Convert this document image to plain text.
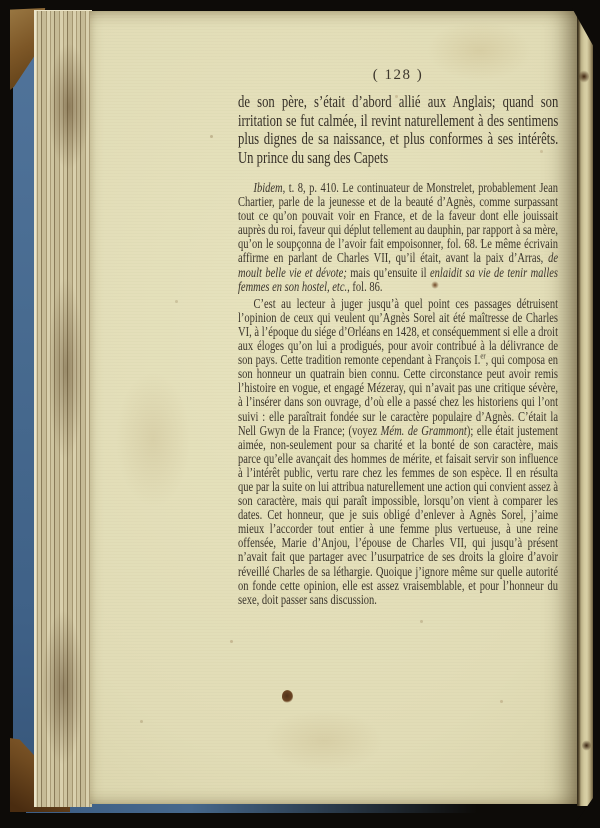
( 128 )
de son père, s’était d’abord allié aux Anglais; quand son irritation se fut calmée, il revint naturellement à des sentimens plus dignes de sa naissance, et plus conformes à ses intérêts. Un prince du sang des Capets

Ibidem, t. 8, p. 410. Le continuateur de Monstrelet, probablement Jean Chartier, parle de la jeunesse et de la beauté d’Agnès, comme surpassant tout ce qu’on pouvait voir en France, et de la faveur dont elle jouissait auprès du roi, faveur qui déplut tellement au dauphin, par rapport à sa mère, qu’on le soupçonna de l’avoir fait empoisonner, fol. 68. Le même écrivain affirme en parlant de Charles VII, qu’il était, avant la paix d’Arras, de moult belle vie et dévote; mais qu’ensuite il enlaidit sa vie de tenir malles femmes en son hostel, etc., fol. 86.

C’est au lecteur à juger jusqu’à quel point ces passages détruisent l’opinion de ceux qui veulent qu’Agnès Sorel ait été maîtresse de Charles VI, à l’époque du siége d’Orléans en 1428, et conséquemment si elle a droit aux éloges qu’on lui a prodigués, pour avoir contribué à la délivrance de son pays. Cette tradition remonte cependant à François I.$^{er}$, qui composa en son honneur un quatrain bien connu. Cette circonstance peut avoir remis l’histoire en vogue, et engagé Mézeray, qui n’avait pas une critique sévère, à l’insérer dans son ouvrage, d’où elle a passé chez les historiens qui l’ont suivi : elle paraîtrait fondée sur le caractère populaire d’Agnès. C’était la Nell Gwyn de la France; (voyez Mém. de Grammont); elle était justement aimée, non-seulement pour sa charité et la bonté de son caractère, mais parce qu’elle avançait des hommes de mérite, et faisait servir son influence à l’intérêt public, vertu rare chez les femmes de son espèce. Il en résulta que par la suite on lui attribua naturellement une action qui convient assez à son caractère, mais qui paraît impossible, lorsqu’on vient à comparer les dates. Cet honneur, que je suis obligé d’enlever à Agnès Sorel, j’aime mieux l’accorder tout entier à une femme plus vertueuse, à une reine offensée, Marie d’Anjou, l’épouse de Charles VII, qui jusqu’à présent n’avait fait que partager avec l’usurpatrice de ses droits la gloire d’avoir réveillé Charles de sa léthargie. Quoique j’ignore même sur quelle autorité on fonde cette opinion, elle est assez vraisemblable, et pour l’honneur du sexe, doit passer sans discussion.
